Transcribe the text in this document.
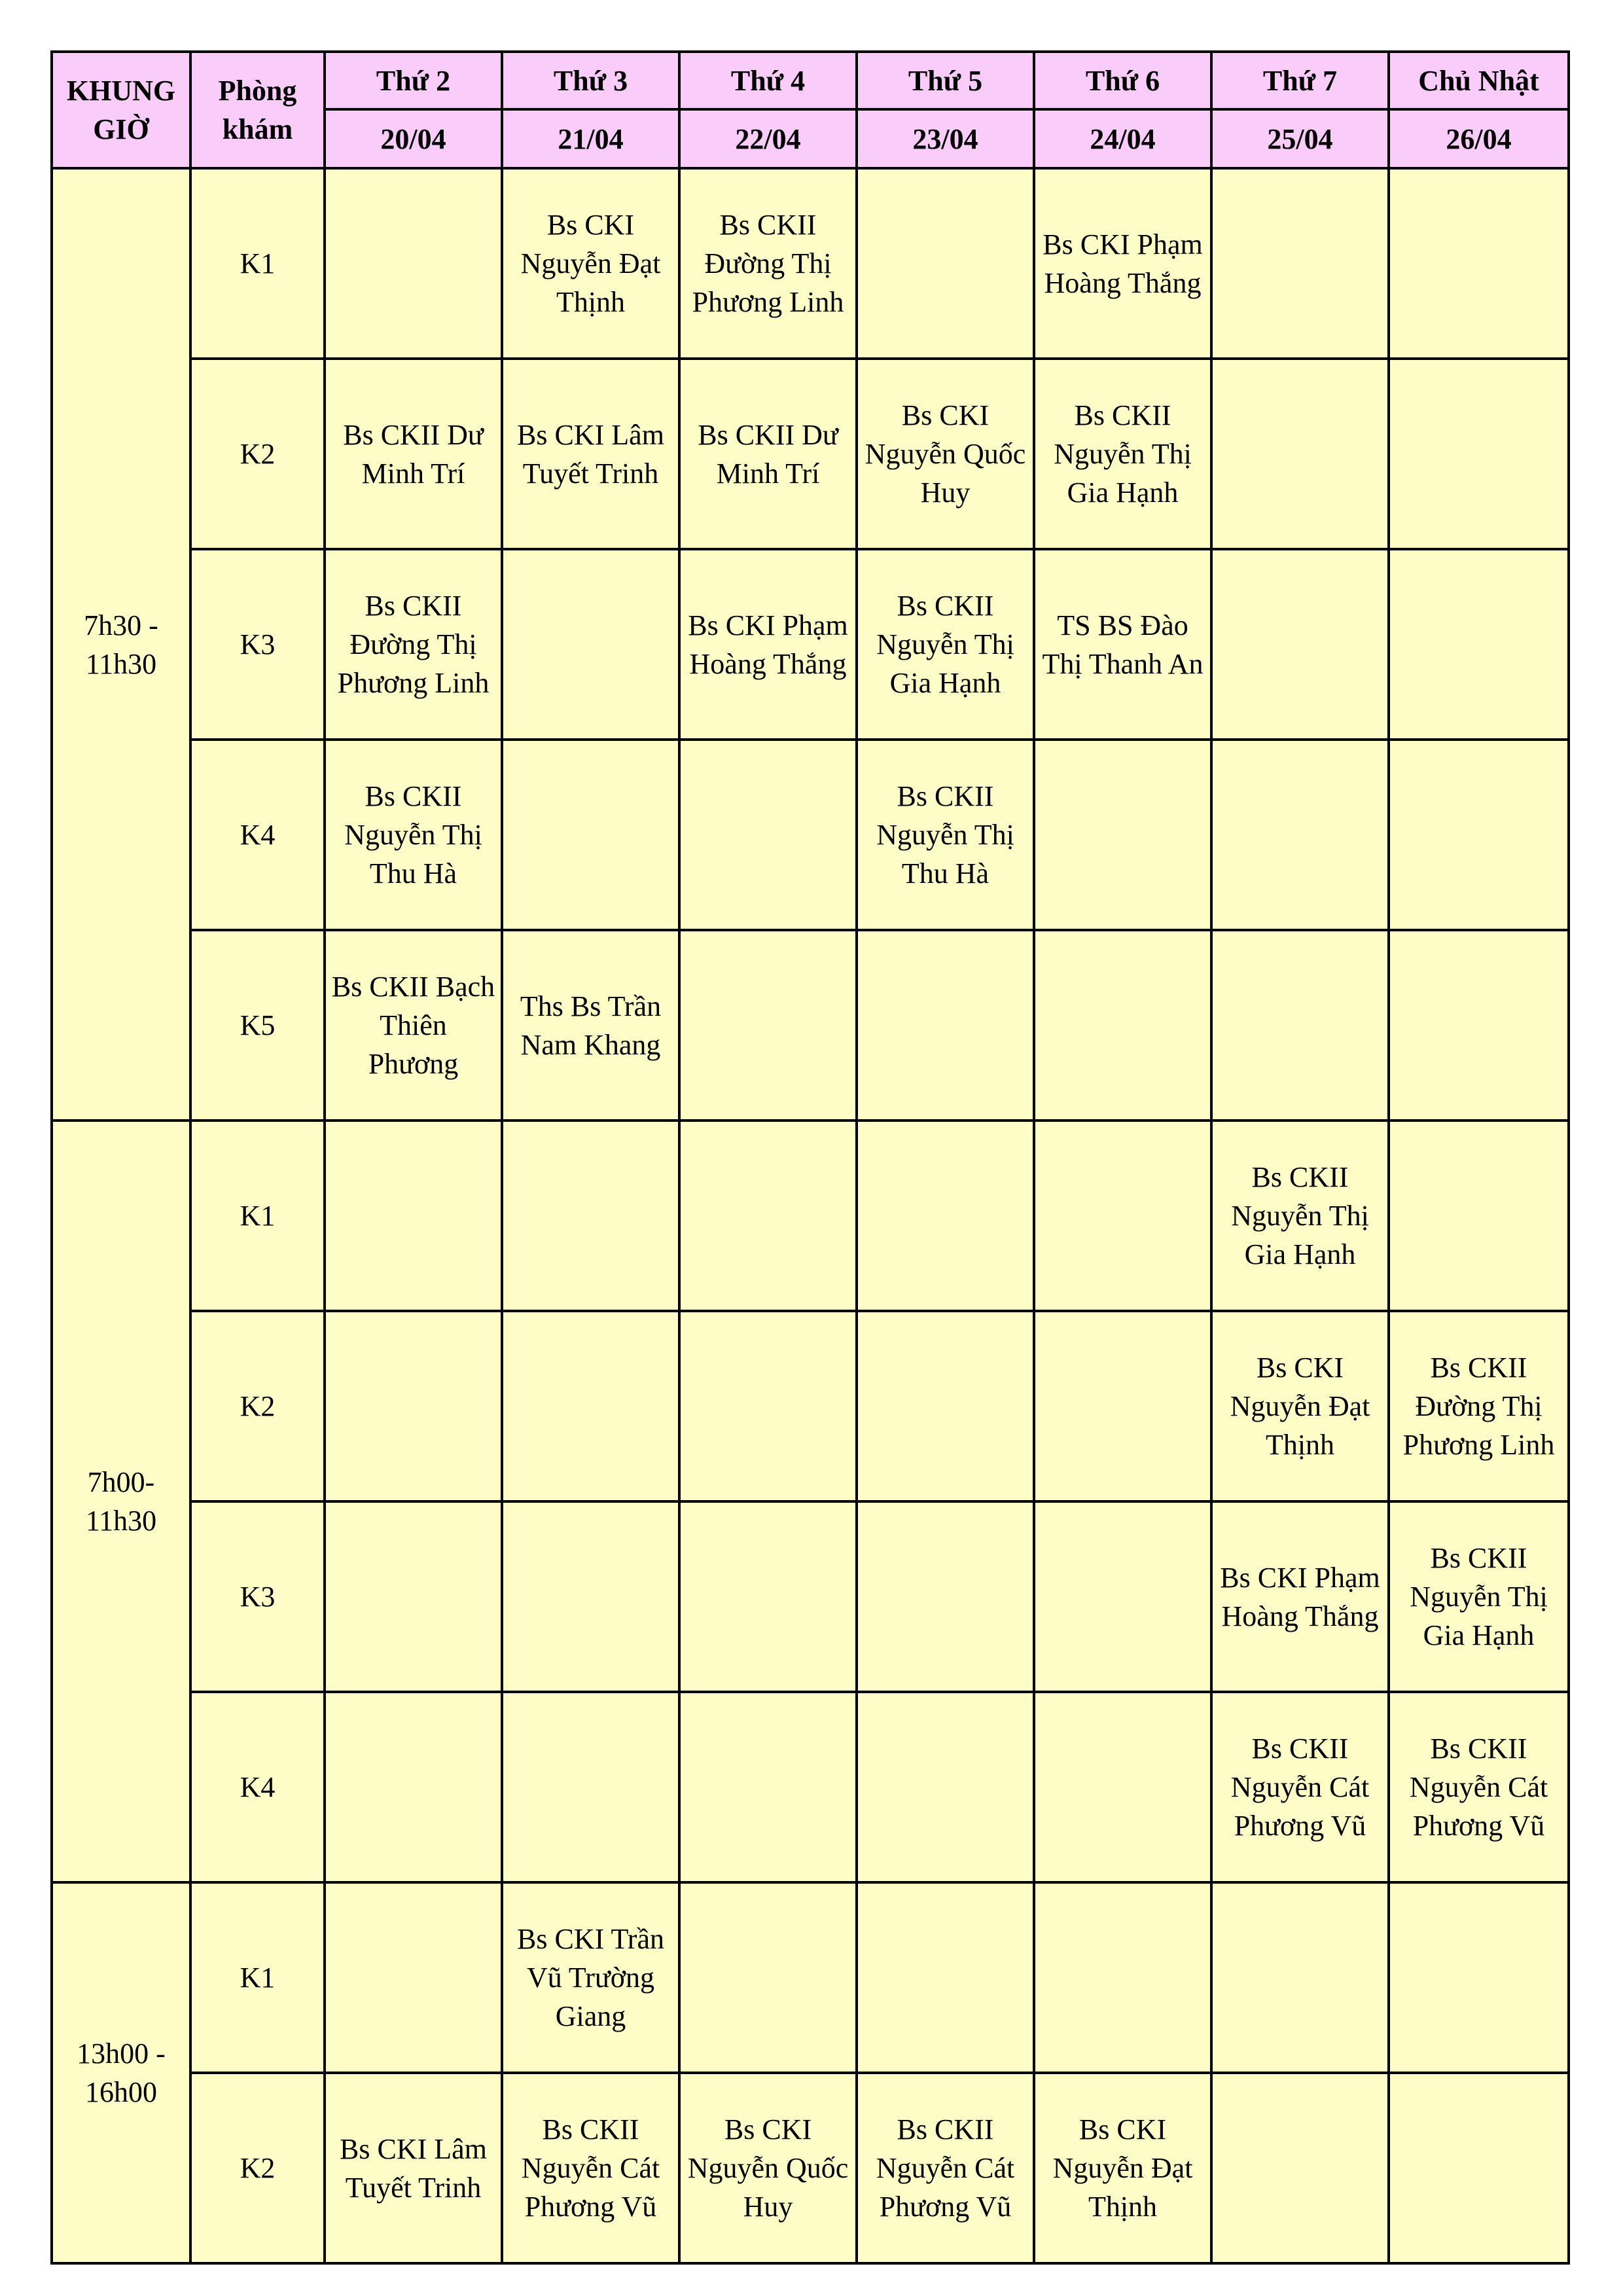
KHUNG GIỜ	Phòng khám	Thứ 2	Thứ 3	Thứ 4	Thứ 5	Thứ 6	Thứ 7	Chủ Nhật
		20/04	21/04	22/04	23/04	24/04	25/04	26/04
7h30 - 11h30	K1		Bs CKI Nguyễn Đạt Thịnh	Bs CKII Đường Thị Phương Linh		Bs CKI Phạm Hoàng Thắng		
	K2	Bs CKII Dư Minh Trí	Bs CKI Lâm Tuyết Trinh	Bs CKII Dư Minh Trí	Bs CKI Nguyễn Quốc Huy	Bs CKII Nguyễn Thị Gia Hạnh		
	K3	Bs CKII Đường Thị Phương Linh		Bs CKI Phạm Hoàng Thắng	Bs CKII Nguyễn Thị Gia Hạnh	TS BS Đào Thị Thanh An		
	K4	Bs CKII Nguyễn Thị Thu Hà			Bs CKII Nguyễn Thị Thu Hà			
	K5	Bs CKII Bạch Thiên Phương	Ths Bs Trần Nam Khang					
7h00- 11h30	K1						Bs CKII Nguyễn Thị Gia Hạnh	
	K2						Bs CKI Nguyễn Đạt Thịnh	Bs CKII Đường Thị Phương Linh
	K3						Bs CKI Phạm Hoàng Thắng	Bs CKII Nguyễn Thị Gia Hạnh
	K4						Bs CKII Nguyễn Cát Phương Vũ	Bs CKII Nguyễn Cát Phương Vũ
13h00 - 16h00	K1		Bs CKI Trần Vũ Trường Giang					
	K2	Bs CKI Lâm Tuyết Trinh	Bs CKII Nguyễn Cát Phương Vũ	Bs CKI Nguyễn Quốc Huy	Bs CKII Nguyễn Cát Phương Vũ	Bs CKI Nguyễn Đạt Thịnh		
